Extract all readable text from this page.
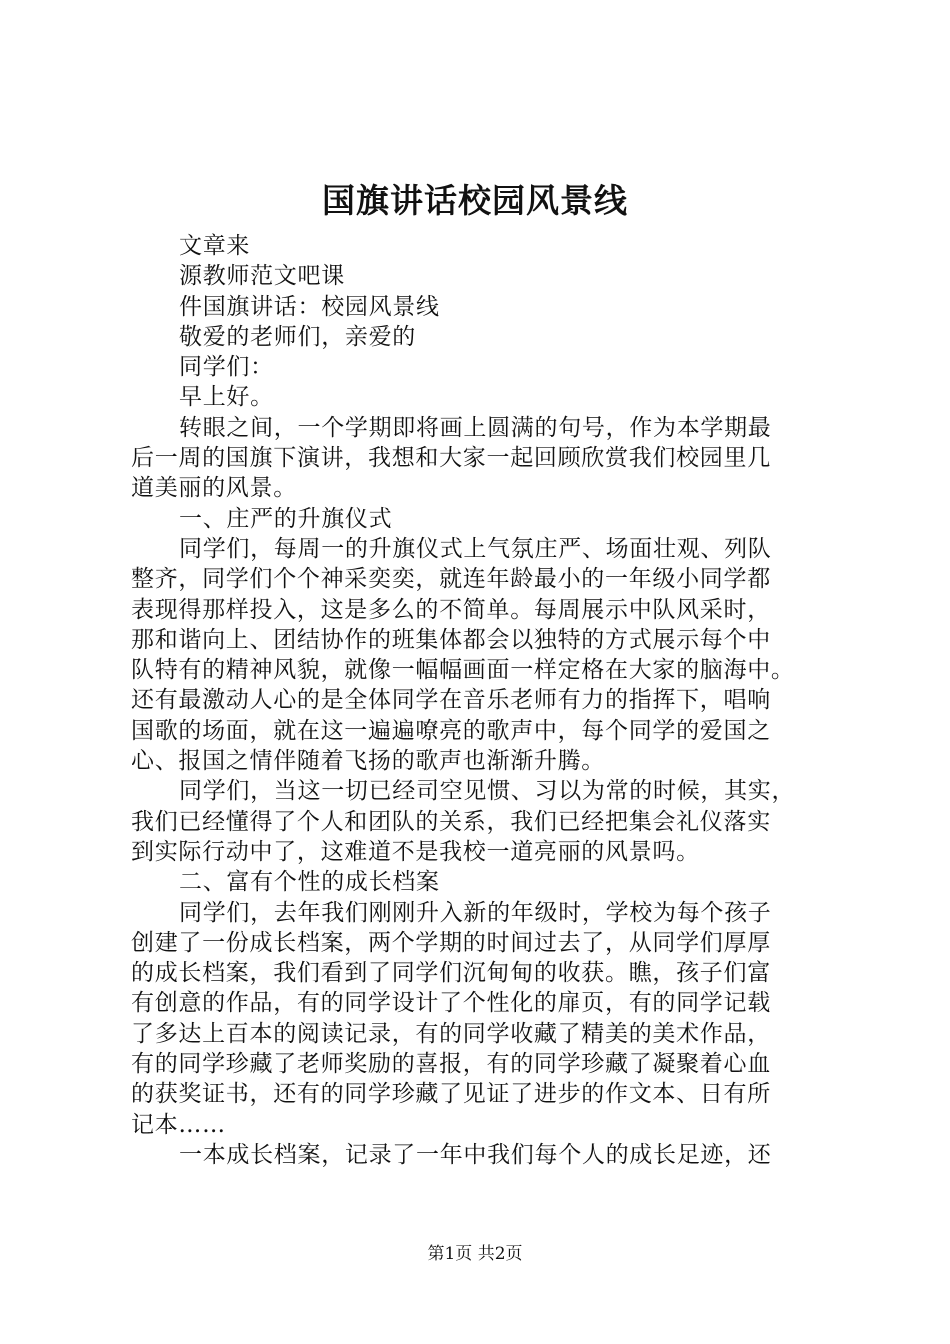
国旗讲话校园风景线
文章来
源教师范文吧课
件国旗讲话：校园风景线
敬爱的老师们，亲爱的
同学们：
早上好。
转眼之间，一个学期即将画上圆满的句号，作为本学期最
后一周的国旗下演讲，我想和大家一起回顾欣赏我们校园里几
道美丽的风景。
一、庄严的升旗仪式
同学们，每周一的升旗仪式上气氛庄严、场面壮观、列队
整齐，同学们个个神采奕奕，就连年龄最小的一年级小同学都
表现得那样投入，这是多么的不简单。每周展示中队风采时，
那和谐向上、团结协作的班集体都会以独特的方式展示每个中
队特有的精神风貌，就像一幅幅画面一样定格在大家的脑海中。
还有最激动人心的是全体同学在音乐老师有力的指挥下，唱响
国歌的场面，就在这一遍遍嘹亮的歌声中，每个同学的爱国之
心、报国之情伴随着飞扬的歌声也渐渐升腾。
同学们，当这一切已经司空见惯、习以为常的时候，其实，
我们已经懂得了个人和团队的关系，我们已经把集会礼仪落实
到实际行动中了，这难道不是我校一道亮丽的风景吗。
二、富有个性的成长档案
同学们，去年我们刚刚升入新的年级时，学校为每个孩子
创建了一份成长档案，两个学期的时间过去了，从同学们厚厚
的成长档案，我们看到了同学们沉甸甸的收获。瞧，孩子们富
有创意的作品，有的同学设计了个性化的扉页，有的同学记载
了多达上百本的阅读记录，有的同学收藏了精美的美术作品，
有的同学珍藏了老师奖励的喜报，有的同学珍藏了凝聚着心血
的获奖证书，还有的同学珍藏了见证了进步的作文本、日有所
记本……
一本成长档案，记录了一年中我们每个人的成长足迹，还
第1页 共2页
